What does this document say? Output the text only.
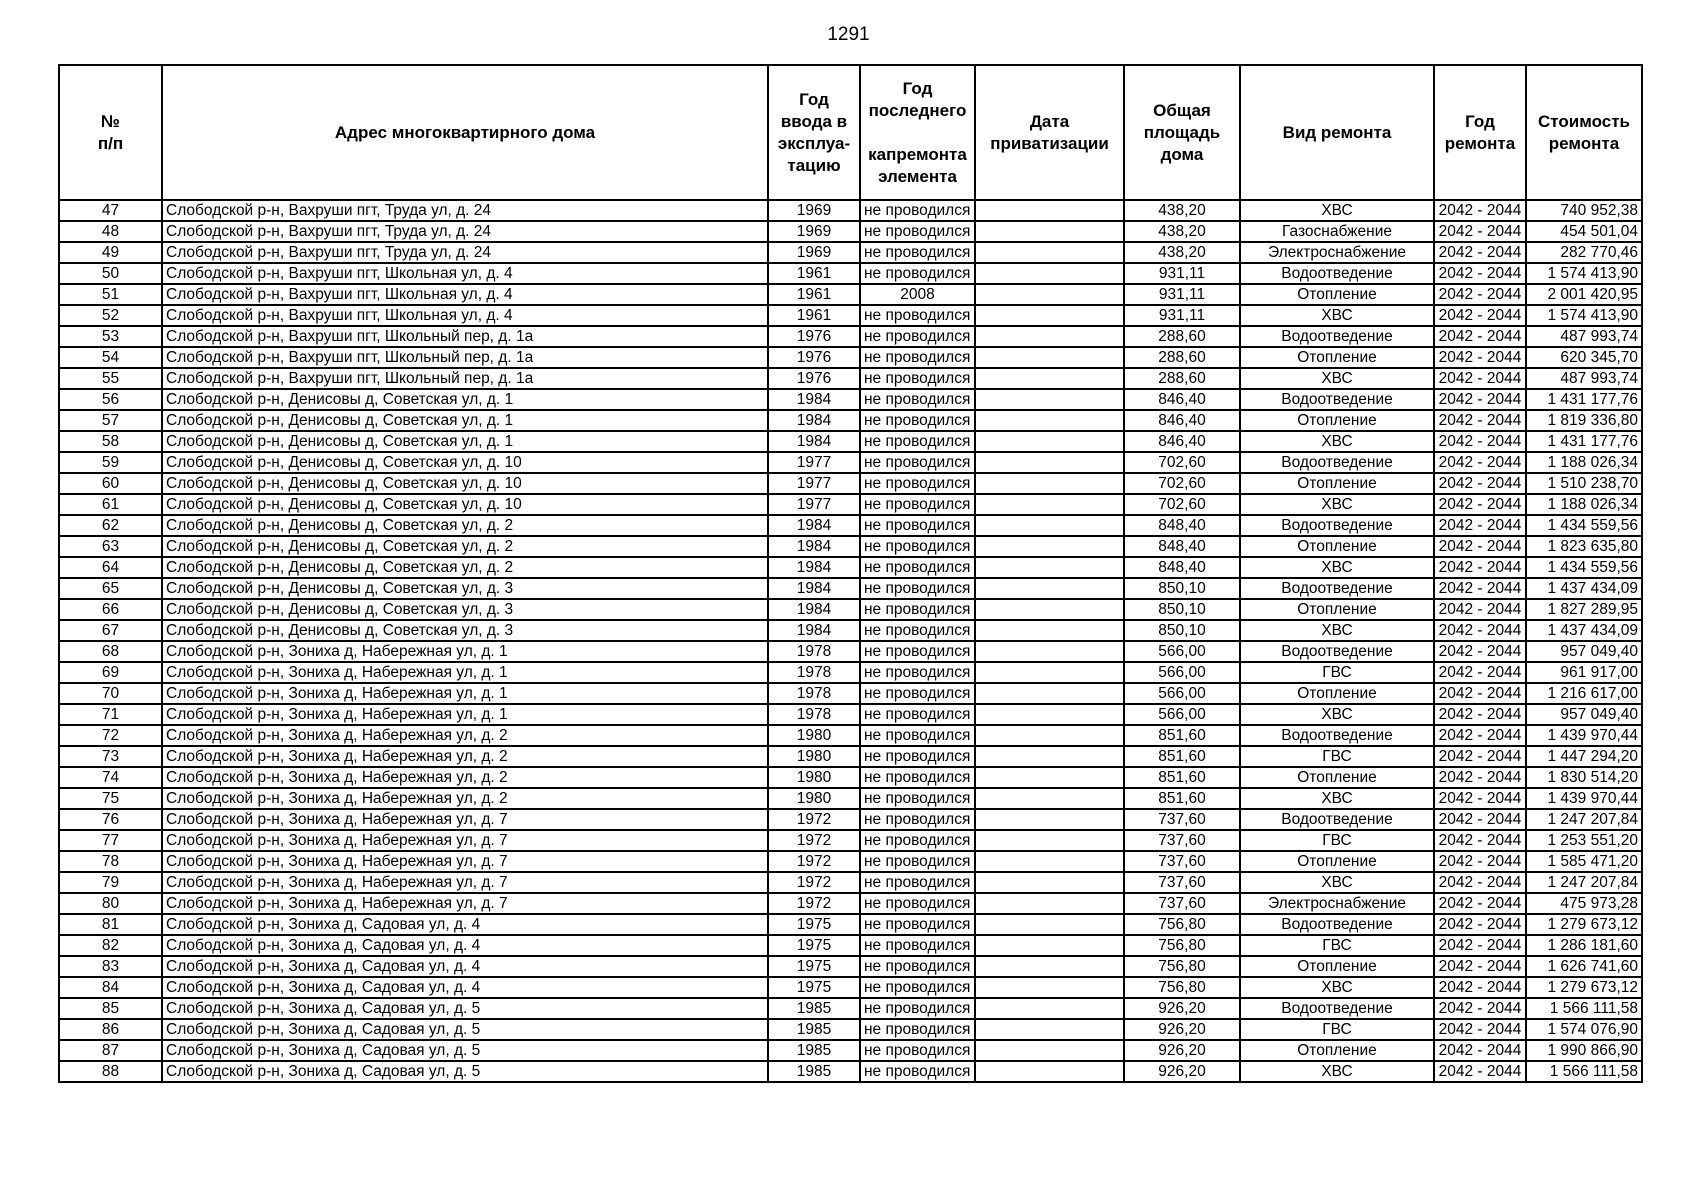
1291
№
п/п	Адрес многоквартирного дома	Год
ввода в
эксплуа-
тацию	Год
последнего

капремонта
элемента	Дата
приватизации	Общая
площадь
дома	Вид ремонта	Год
ремонта	Стоимость
ремонта

47	Слободской р-н, Вахруши пгт, Труда ул, д. 24	1969	не проводился		438,20	ХВС	2042 - 2044	740 952,38
48	Слободской р-н, Вахруши пгт, Труда ул, д. 24	1969	не проводился		438,20	Газоснабжение	2042 - 2044	454 501,04
49	Слободской р-н, Вахруши пгт, Труда ул, д. 24	1969	не проводился		438,20	Электроснабжение	2042 - 2044	282 770,46
50	Слободской р-н, Вахруши пгт, Школьная ул, д. 4	1961	не проводился		931,11	Водоотведение	2042 - 2044	1 574 413,90
51	Слободской р-н, Вахруши пгт, Школьная ул, д. 4	1961	2008		931,11	Отопление	2042 - 2044	2 001 420,95
52	Слободской р-н, Вахруши пгт, Школьная ул, д. 4	1961	не проводился		931,11	ХВС	2042 - 2044	1 574 413,90
53	Слободской р-н, Вахруши пгт, Школьный пер, д. 1а	1976	не проводился		288,60	Водоотведение	2042 - 2044	487 993,74
54	Слободской р-н, Вахруши пгт, Школьный пер, д. 1а	1976	не проводился		288,60	Отопление	2042 - 2044	620 345,70
55	Слободской р-н, Вахруши пгт, Школьный пер, д. 1а	1976	не проводился		288,60	ХВС	2042 - 2044	487 993,74
56	Слободской р-н, Денисовы д, Советская ул, д. 1	1984	не проводился		846,40	Водоотведение	2042 - 2044	1 431 177,76
57	Слободской р-н, Денисовы д, Советская ул, д. 1	1984	не проводился		846,40	Отопление	2042 - 2044	1 819 336,80
58	Слободской р-н, Денисовы д, Советская ул, д. 1	1984	не проводился		846,40	ХВС	2042 - 2044	1 431 177,76
59	Слободской р-н, Денисовы д, Советская ул, д. 10	1977	не проводился		702,60	Водоотведение	2042 - 2044	1 188 026,34
60	Слободской р-н, Денисовы д, Советская ул, д. 10	1977	не проводился		702,60	Отопление	2042 - 2044	1 510 238,70
61	Слободской р-н, Денисовы д, Советская ул, д. 10	1977	не проводился		702,60	ХВС	2042 - 2044	1 188 026,34
62	Слободской р-н, Денисовы д, Советская ул, д. 2	1984	не проводился		848,40	Водоотведение	2042 - 2044	1 434 559,56
63	Слободской р-н, Денисовы д, Советская ул, д. 2	1984	не проводился		848,40	Отопление	2042 - 2044	1 823 635,80
64	Слободской р-н, Денисовы д, Советская ул, д. 2	1984	не проводился		848,40	ХВС	2042 - 2044	1 434 559,56
65	Слободской р-н, Денисовы д, Советская ул, д. 3	1984	не проводился		850,10	Водоотведение	2042 - 2044	1 437 434,09
66	Слободской р-н, Денисовы д, Советская ул, д. 3	1984	не проводился		850,10	Отопление	2042 - 2044	1 827 289,95
67	Слободской р-н, Денисовы д, Советская ул, д. 3	1984	не проводился		850,10	ХВС	2042 - 2044	1 437 434,09
68	Слободской р-н, Зониха д, Набережная ул, д. 1	1978	не проводился		566,00	Водоотведение	2042 - 2044	957 049,40
69	Слободской р-н, Зониха д, Набережная ул, д. 1	1978	не проводился		566,00	ГВС	2042 - 2044	961 917,00
70	Слободской р-н, Зониха д, Набережная ул, д. 1	1978	не проводился		566,00	Отопление	2042 - 2044	1 216 617,00
71	Слободской р-н, Зониха д, Набережная ул, д. 1	1978	не проводился		566,00	ХВС	2042 - 2044	957 049,40
72	Слободской р-н, Зониха д, Набережная ул, д. 2	1980	не проводился		851,60	Водоотведение	2042 - 2044	1 439 970,44
73	Слободской р-н, Зониха д, Набережная ул, д. 2	1980	не проводился		851,60	ГВС	2042 - 2044	1 447 294,20
74	Слободской р-н, Зониха д, Набережная ул, д. 2	1980	не проводился		851,60	Отопление	2042 - 2044	1 830 514,20
75	Слободской р-н, Зониха д, Набережная ул, д. 2	1980	не проводился		851,60	ХВС	2042 - 2044	1 439 970,44
76	Слободской р-н, Зониха д, Набережная ул, д. 7	1972	не проводился		737,60	Водоотведение	2042 - 2044	1 247 207,84
77	Слободской р-н, Зониха д, Набережная ул, д. 7	1972	не проводился		737,60	ГВС	2042 - 2044	1 253 551,20
78	Слободской р-н, Зониха д, Набережная ул, д. 7	1972	не проводился		737,60	Отопление	2042 - 2044	1 585 471,20
79	Слободской р-н, Зониха д, Набережная ул, д. 7	1972	не проводился		737,60	ХВС	2042 - 2044	1 247 207,84
80	Слободской р-н, Зониха д, Набережная ул, д. 7	1972	не проводился		737,60	Электроснабжение	2042 - 2044	475 973,28
81	Слободской р-н, Зониха д, Садовая ул, д. 4	1975	не проводился		756,80	Водоотведение	2042 - 2044	1 279 673,12
82	Слободской р-н, Зониха д, Садовая ул, д. 4	1975	не проводился		756,80	ГВС	2042 - 2044	1 286 181,60
83	Слободской р-н, Зониха д, Садовая ул, д. 4	1975	не проводился		756,80	Отопление	2042 - 2044	1 626 741,60
84	Слободской р-н, Зониха д, Садовая ул, д. 4	1975	не проводился		756,80	ХВС	2042 - 2044	1 279 673,12
85	Слободской р-н, Зониха д, Садовая ул, д. 5	1985	не проводился		926,20	Водоотведение	2042 - 2044	1 566 111,58
86	Слободской р-н, Зониха д, Садовая ул, д. 5	1985	не проводился		926,20	ГВС	2042 - 2044	1 574 076,90
87	Слободской р-н, Зониха д, Садовая ул, д. 5	1985	не проводился		926,20	Отопление	2042 - 2044	1 990 866,90
88	Слободской р-н, Зониха д, Садовая ул, д. 5	1985	не проводился		926,20	ХВС	2042 - 2044	1 566 111,58
